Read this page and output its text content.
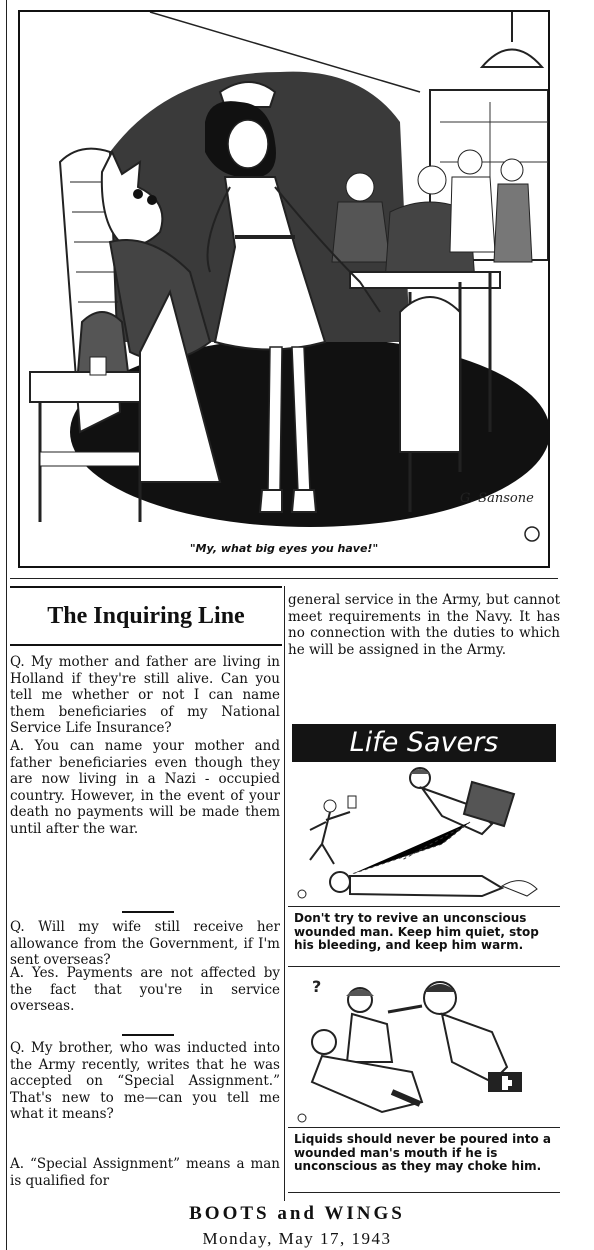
G. Sansone
"My, what big eyes you have!"
The Inquiring Line

Q. My mother and father are living in Holland if they're still alive. Can you tell me whether or not I can name them beneficiaries of my National Service Life Insurance?

A. You can name your mother and father beneficiaries even though they are now living in a Nazi - occupied country. However, in the event of your death no payments will be made them until after the war.

Q. Will my wife still receive her allowance from the Government, if I'm sent overseas?

A. Yes. Payments are not affected by the fact that you're in service overseas.

Q. My brother, who was inducted into the Army recently, writes that he was accepted on “Special Assignment.” That's new to me—can you tell me what it means?

A. “Special Assignment” means a man is qualified for

general service in the Army, but cannot meet requirements in the Navy. It has no connection with the duties to which he will be assigned in the Army.

Life Savers

Don't try to revive an unconscious wounded man. Keep him quiet, stop his bleeding, and keep him warm.

?

Liquids should never be poured into a wounded man's mouth if he is unconscious as they may choke him.

BOOTS and WINGS
Monday, May 17, 1943
